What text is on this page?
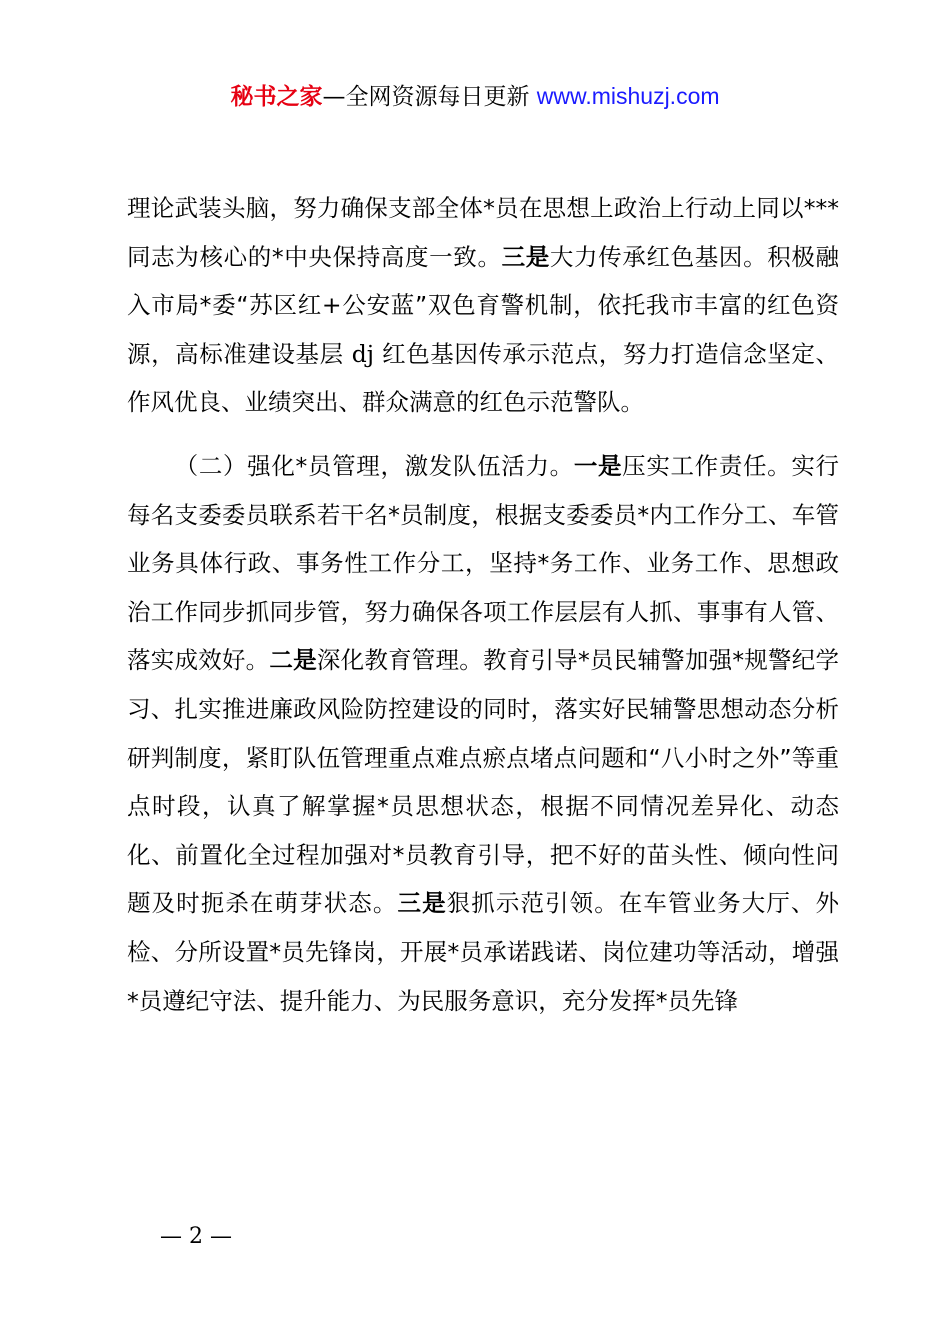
秘书之家—全网资源每日更新 www.mishuzj.com

理论武装头脑，努力确保支部全体*员在思想上政治上行动上同以***同志为核心的*中央保持高度一致。三是大力传承红色基因。积极融入市局*委“苏区红+公安蓝”双色育警机制，依托我市丰富的红色资源，高标准建设基层 dj 红色基因传承示范点，努力打造信念坚定、作风优良、业绩突出、群众满意的红色示范警队。

（二）强化*员管理，激发队伍活力。一是压实工作责任。实行每名支委委员联系若干名*员制度，根据支委委员*内工作分工、车管业务具体行政、事务性工作分工，坚持*务工作、业务工作、思想政治工作同步抓同步管，努力确保各项工作层层有人抓、事事有人管、落实成效好。二是深化教育管理。教育引导*员民辅警加强*规警纪学习、扎实推进廉政风险防控建设的同时，落实好民辅警思想动态分析研判制度，紧盯队伍管理重点难点瘀点堵点问题和“八小时之外”等重点时段，认真了解掌握*员思想状态，根据不同情况差异化、动态化、前置化全过程加强对*员教育引导，把不好的苗头性、倾向性问题及时扼杀在萌芽状态。三是狠抓示范引领。在车管业务大厅、外检、分所设置*员先锋岗，开展*员承诺践诺、岗位建功等活动，增强*员遵纪守法、提升能力、为民服务意识，充分发挥*员先锋

— 2 —
